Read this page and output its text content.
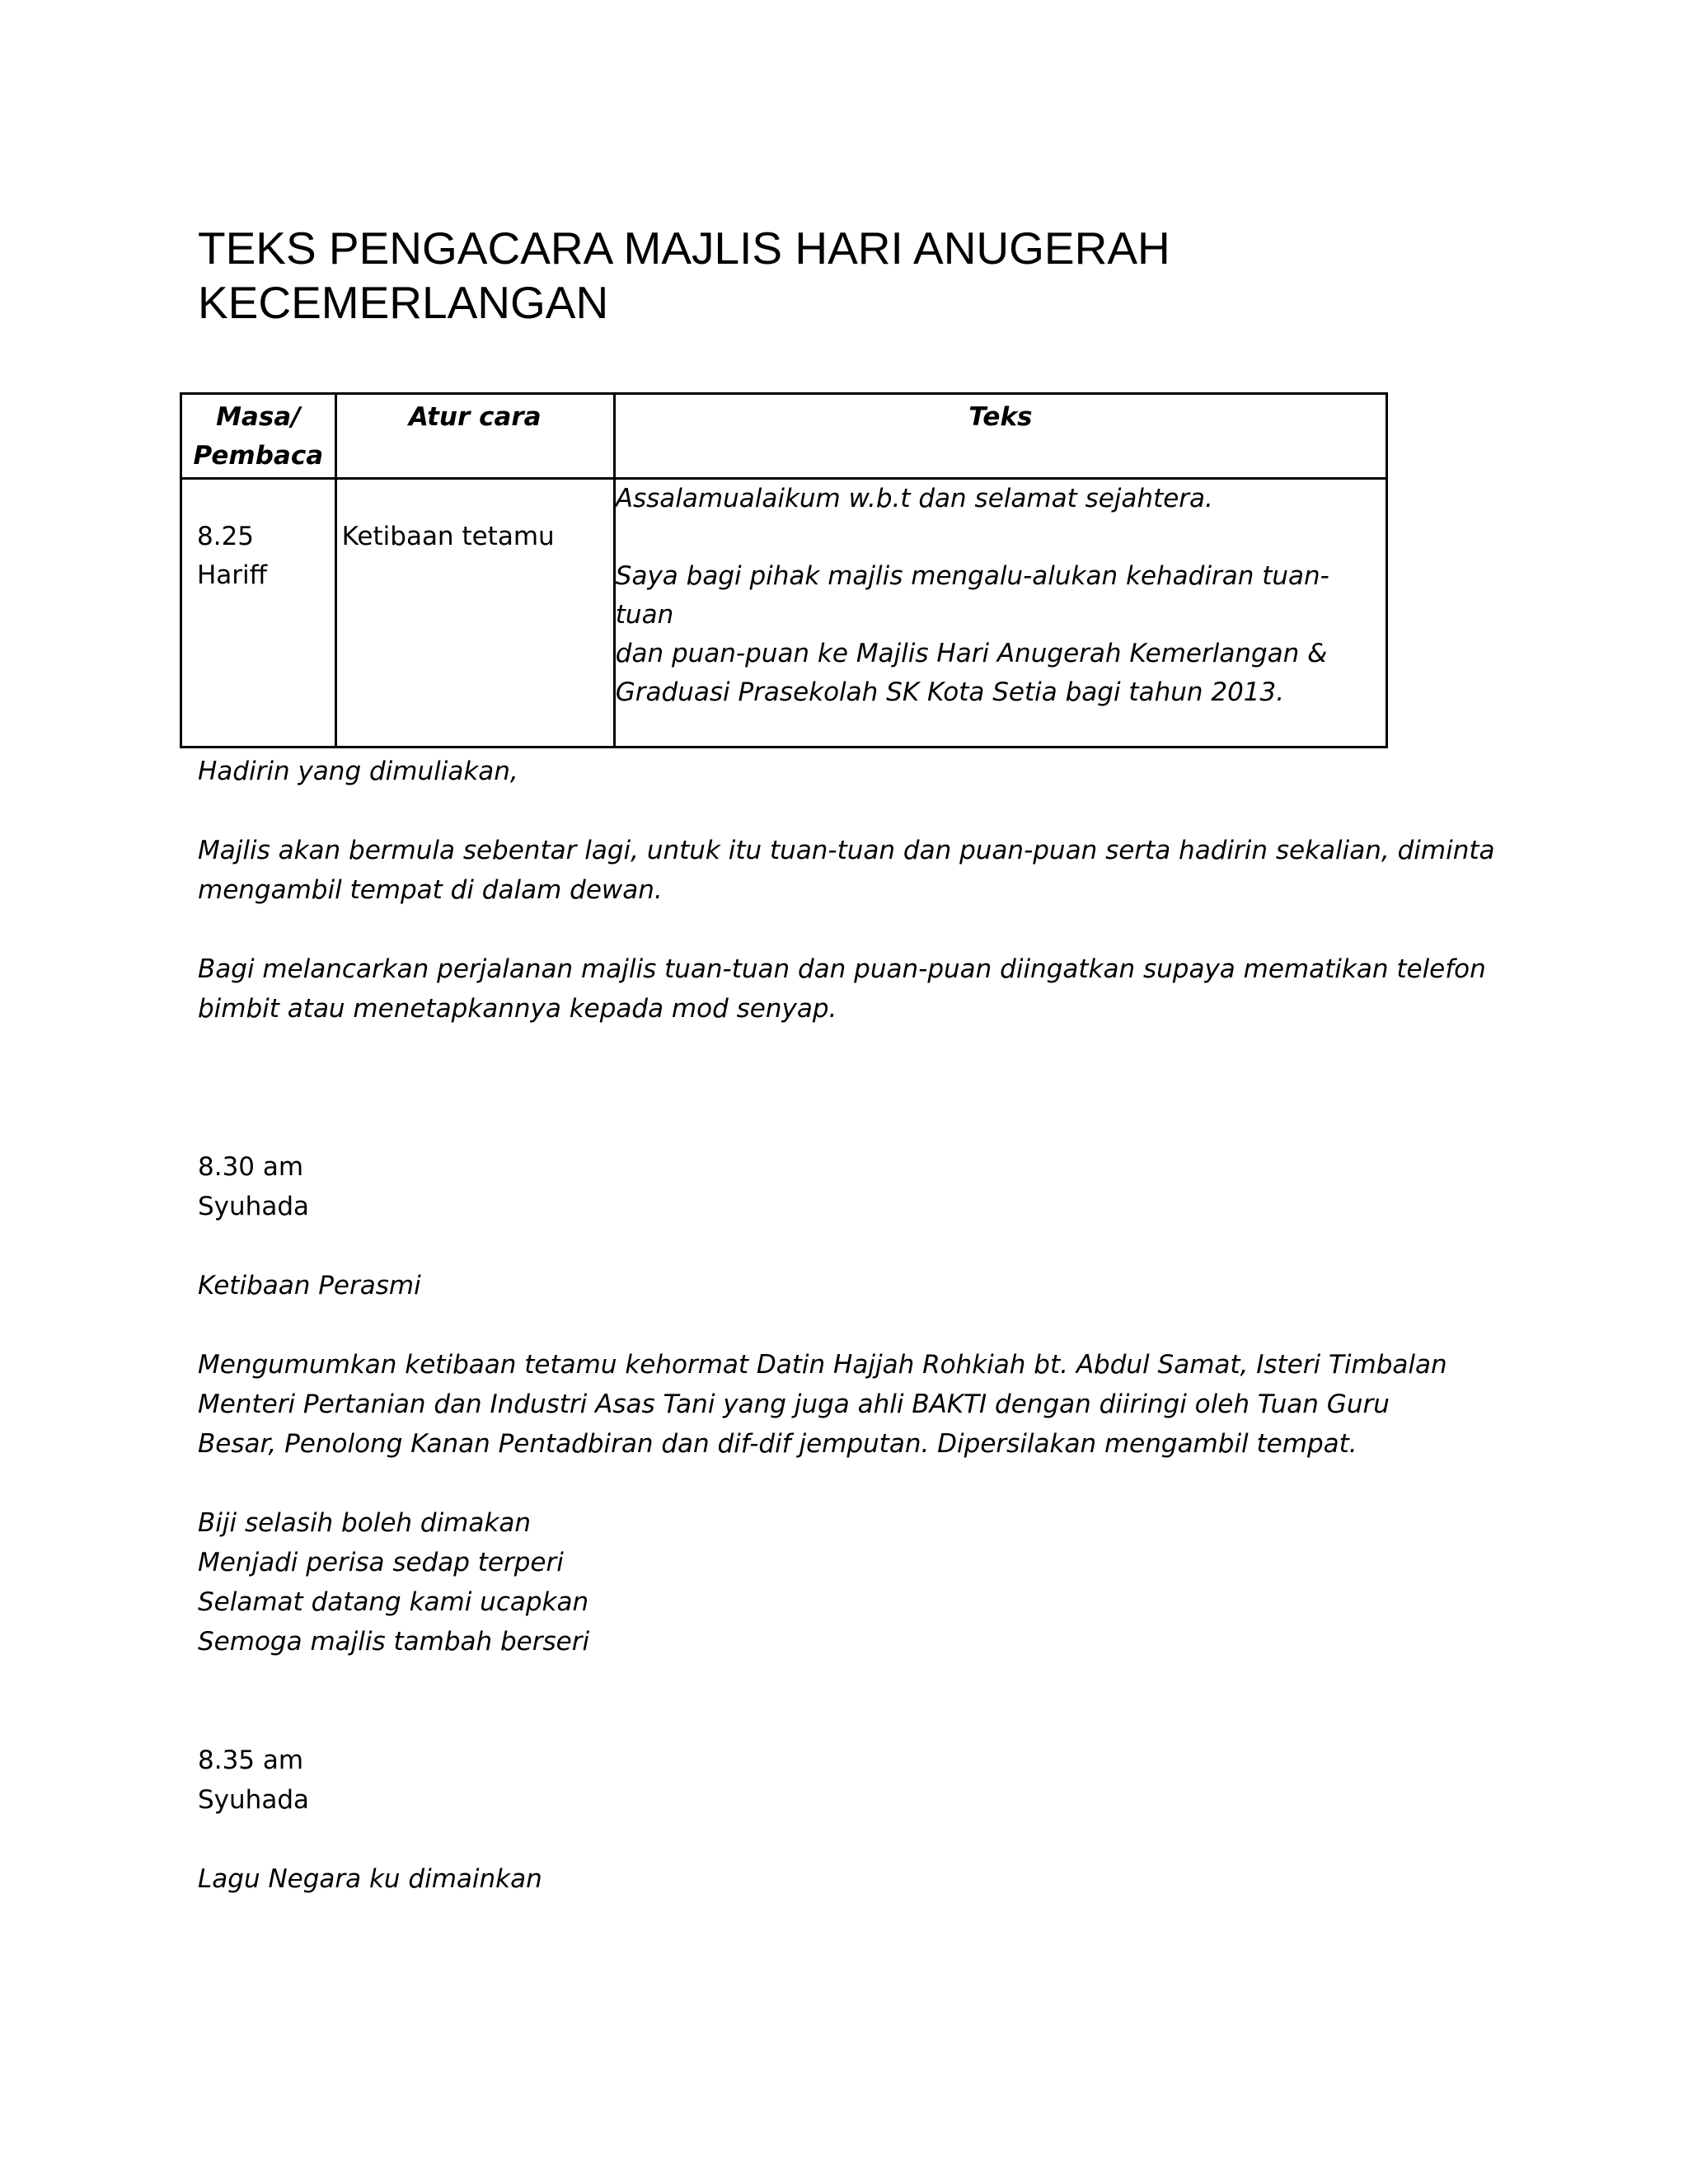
TEKS PENGACARA MAJLIS HARI ANUGERAH
KECEMERLANGAN
Masa/
Pembaca	Atur cara	Teks

8.25
Hariff	Ketibaan tetamu	Assalamualaikum w.b.t dan selamat sejahtera.
Saya bagi pihak majlis mengalu-alukan kehadiran tuan-tuan
dan puan-puan ke Majlis Hari Anugerah Kemerlangan &
Graduasi Prasekolah SK Kota Setia bagi tahun 2013.

Hadirin yang dimuliakan,

Majlis akan bermula sebentar lagi, untuk itu tuan-tuan dan puan-puan serta hadirin sekalian, diminta
mengambil tempat di dalam dewan.

Bagi melancarkan perjalanan majlis tuan-tuan dan puan-puan diingatkan supaya mematikan telefon
bimbit atau menetapkannya kepada mod senyap.

8.30 am
Syuhada

Ketibaan Perasmi

Mengumumkan ketibaan tetamu kehormat Datin Hajjah Rohkiah bt. Abdul Samat, Isteri Timbalan
Menteri Pertanian dan Industri Asas Tani yang juga ahli BAKTI dengan diiringi oleh Tuan Guru
Besar, Penolong Kanan Pentadbiran dan dif-dif jemputan. Dipersilakan mengambil tempat.

Biji selasih boleh dimakan
Menjadi perisa sedap terperi
Selamat datang kami ucapkan
Semoga majlis tambah berseri

8.35 am
Syuhada

Lagu Negara ku dimainkan
